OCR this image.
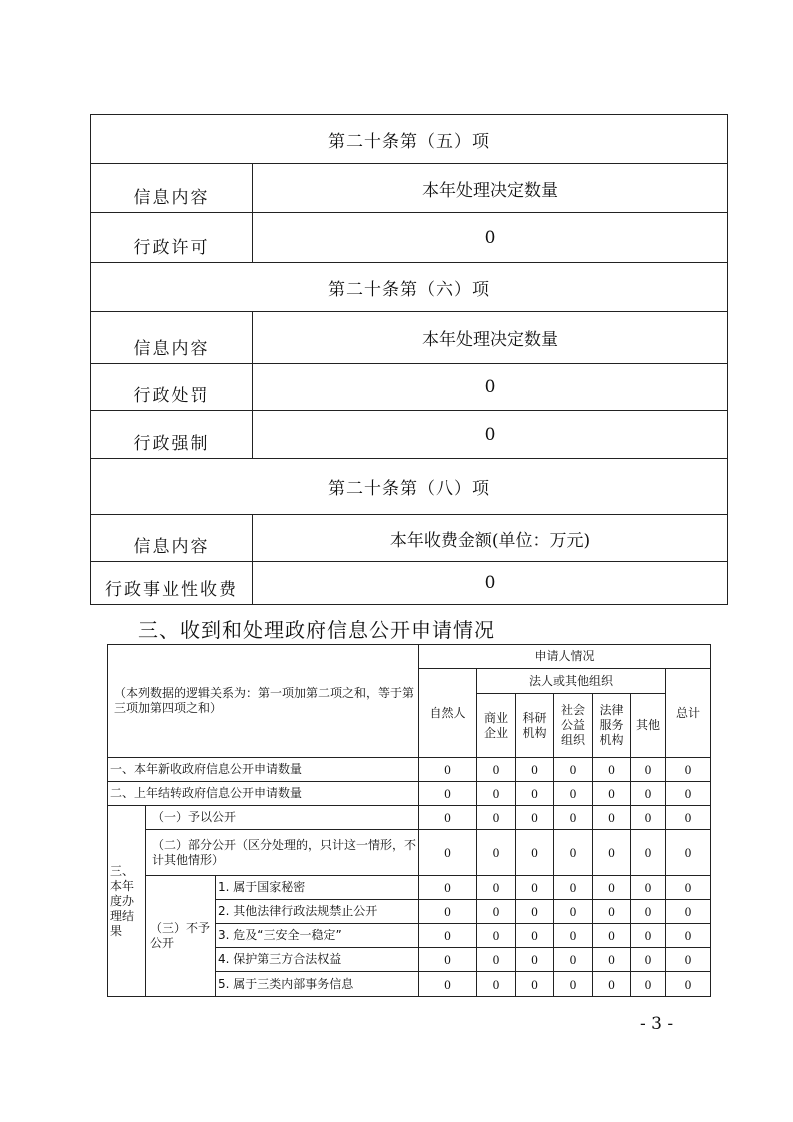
第二十条第（五）项	
信息内容	本年处理决定数量
行政许可	0
第二十条第（六）项	
信息内容	本年处理决定数量
行政处罚	0
行政强制	0
第二十条第（八）项	
信息内容	本年收费金额(单位：万元)
行政事业性收费	0
三、收到和处理政府信息公开申请情况
（本列数据的逻辑关系为：第一项加第二项之和，等于第三项加第四项之和）			申请人情况						
			自然人	法人或其他组织					总计
				商业企业	科研机构	社会公益组织	法律服务机构	其他	
一、本年新收政府信息公开申请数量			0	0	0	0	0	0	0
二、上年结转政府信息公开申请数量			0	0	0	0	0	0	0
三、本年度办理结果	（一）予以公开		0	0	0	0	0	0	0
	（二）部分公开（区分处理的，只计这一情形，不计其他情形）		0	0	0	0	0	0	0
	（三）不予公开	1. 属于国家秘密	0	0	0	0	0	0	0
		2. 其他法律行政法规禁止公开	0	0	0	0	0	0	0
		3. 危及“三安全一稳定”	0	0	0	0	0	0	0
		4. 保护第三方合法权益	0	0	0	0	0	0	0
		5. 属于三类内部事务信息	0	0	0	0	0	0	0
- 3 -
